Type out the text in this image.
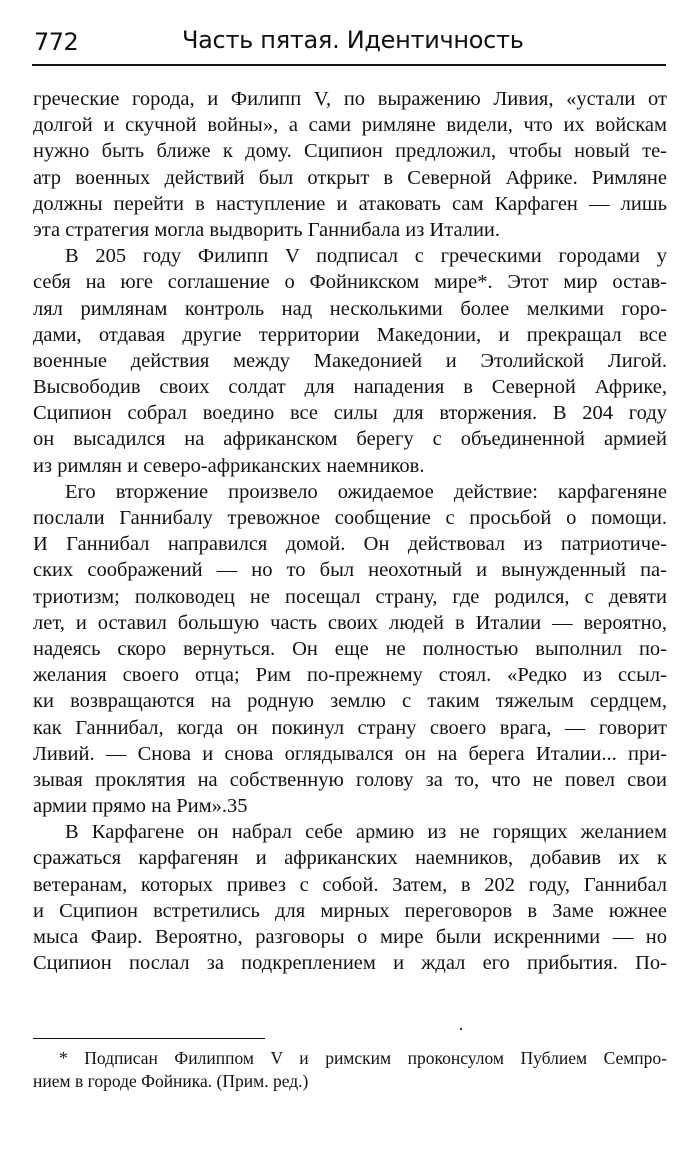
772	Часть пятая. Идентичность
греческие города, и Филипп V, по выражению Ливия, «устали от
долгой и скучной войны», а сами римляне видели, что их войскам
нужно быть ближе к дому. Сципион предложил, чтобы новый те-
атр военных действий был открыт в Северной Африке. Римляне
должны перейти в наступление и атаковать сам Карфаген — лишь
эта стратегия могла выдворить Ганнибала из Италии.
В 205 году Филипп V подписал с греческими городами у
себя на юге соглашение о Фойникском мире*. Этот мир остав-
лял римлянам контроль над несколькими более мелкими горо-
дами, отдавая другие территории Македонии, и прекращал все
военные действия между Македонией и Этолийской Лигой.
Высвободив своих солдат для нападения в Северной Африке,
Сципион собрал воедино все силы для вторжения. В 204 году
он высадился на африканском берегу с объединенной армией
из римлян и северо-африканских наемников.
Его вторжение произвело ожидаемое действие: карфагеняне
послали Ганнибалу тревожное сообщение с просьбой о помощи.
И Ганнибал направился домой. Он действовал из патриотиче-
ских соображений — но то был неохотный и вынужденный па-
триотизм; полководец не посещал страну, где родился, с девяти
лет, и оставил большую часть своих людей в Италии — вероятно,
надеясь скоро вернуться. Он еще не полностью выполнил по-
желания своего отца; Рим по-прежнему стоял. «Редко из ссыл-
ки возвращаются на родную землю с таким тяжелым сердцем,
как Ганнибал, когда он покинул страну своего врага, — говорит
Ливий. — Снова и снова оглядывался он на берега Италии... при-
зывая проклятия на собственную голову за то, что не повел свои
армии прямо на Рим».35
В Карфагене он набрал себе армию из не горящих желанием
сражаться карфагенян и африканских наемников, добавив их к
ветеранам, которых привез с собой. Затем, в 202 году, Ганнибал
и Сципион встретились для мирных переговоров в Заме южнее
мыса Фаир. Вероятно, разговоры о мире были искренними — но
Сципион послал за подкреплением и ждал его прибытия. По-
* Подписан Филиппом V и римским проконсулом Публием Семпро-
нием в городе Фойника. (Прим. ред.)
